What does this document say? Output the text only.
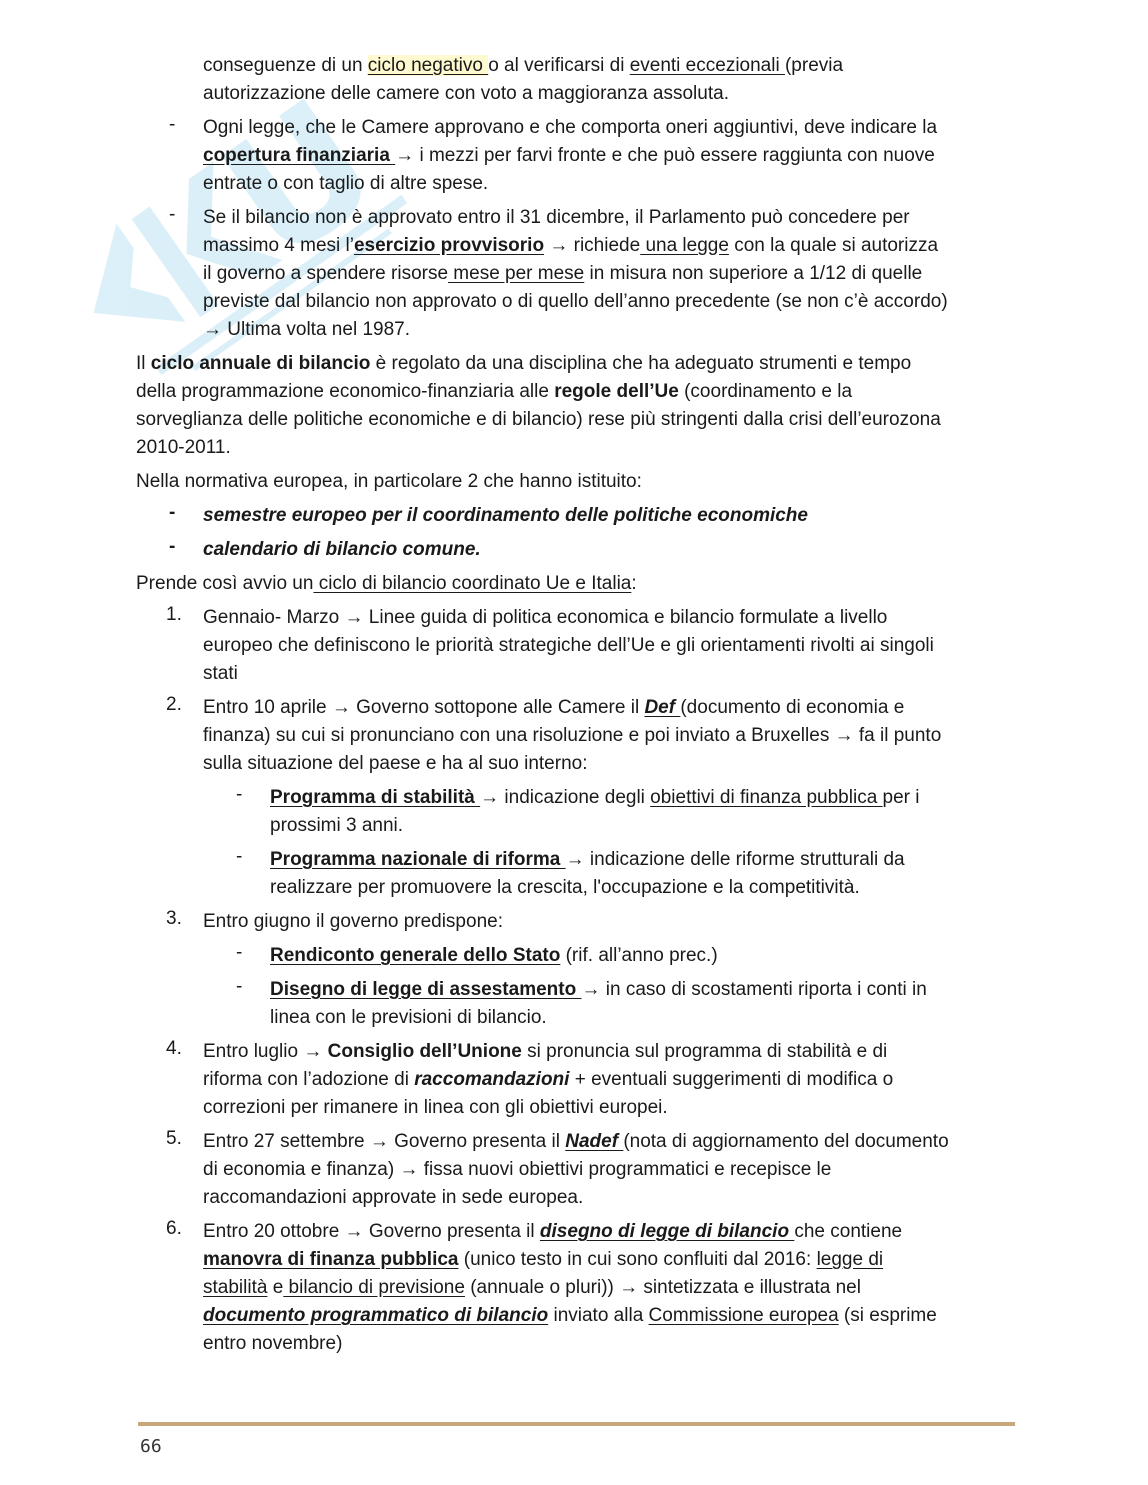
conseguenze di un ciclo negativo o al verificarsi di eventi eccezionali (previa

autorizzazione delle camere con voto a maggioranza assoluta.

- Ogni legge, che le Camere approvano e che comporta oneri aggiuntivi, deve indicare la

copertura finanziaria → i mezzi per farvi fronte e che può essere raggiunta con nuove

entrate o con taglio di altre spese.

- Se il bilancio non è approvato entro il 31 dicembre, il Parlamento può concedere per

massimo 4 mesi l’esercizio provvisorio → richiede una legge con la quale si autorizza

il governo a spendere risorse mese per mese in misura non superiore a 1/12 di quelle

previste dal bilancio non approvato o di quello dell’anno precedente (se non c’è accordo)

→ Ultima volta nel 1987.

Il ciclo annuale di bilancio è regolato da una disciplina che ha adeguato strumenti e tempo

della programmazione economico-finanziaria alle regole dell’Ue (coordinamento e la

sorveglianza delle politiche economiche e di bilancio) rese più stringenti dalla crisi dell’eurozona

2010-2011.

Nella normativa europea, in particolare 2 che hanno istituito:

- semestre europeo per il coordinamento delle politiche economiche

- calendario di bilancio comune.

Prende così avvio un ciclo di bilancio coordinato Ue e Italia:

1. Gennaio- Marzo → Linee guida di politica economica e bilancio formulate a livello

europeo che definiscono le priorità strategiche dell’Ue e gli orientamenti rivolti ai singoli

stati

2. Entro 10 aprile → Governo sottopone alle Camere il Def (documento di economia e

finanza) su cui si pronunciano con una risoluzione e poi inviato a Bruxelles → fa il punto

sulla situazione del paese e ha al suo interno:

- Programma di stabilità → indicazione degli obiettivi di finanza pubblica per i

prossimi 3 anni.

- Programma nazionale di riforma → indicazione delle riforme strutturali da

realizzare per promuovere la crescita, l'occupazione e la competitività.

3. Entro giugno il governo predispone:

- Rendiconto generale dello Stato (rif. all’anno prec.)

- Disegno di legge di assestamento → in caso di scostamenti riporta i conti in

linea con le previsioni di bilancio.

4. Entro luglio → Consiglio dell’Unione si pronuncia sul programma di stabilità e di

riforma con l’adozione di raccomandazioni + eventuali suggerimenti di modifica o

correzioni per rimanere in linea con gli obiettivi europei.

5. Entro 27 settembre → Governo presenta il Nadef (nota di aggiornamento del documento

di economia e finanza) → fissa nuovi obiettivi programmatici e recepisce le

raccomandazioni approvate in sede europea.

6. Entro 20 ottobre → Governo presenta il disegno di legge di bilancio che contiene

manovra di finanza pubblica (unico testo in cui sono confluiti dal 2016: legge di

stabilità e bilancio di previsione (annuale o pluri)) → sintetizzata e illustrata nel

documento programmatico di bilancio inviato alla Commissione europea (si esprime

entro novembre)

66
